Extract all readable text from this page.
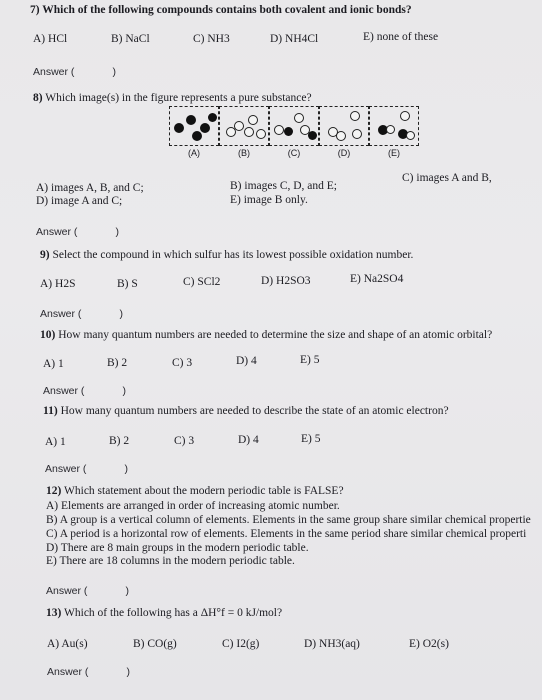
7) Which of the following compounds contains both covalent and ionic bonds?
A) HCl	B) NaCl	C) NH3	D) NH4Cl	E) none of these
Answer (	)
8) Which image(s) in the figure represents a pure substance?
(A)	(B)	(C)	(D)	(E)
A) images A, B, and C;	B) images C, D, and E;
C) images A and B,
D) image A and C;	E) image B only.
Answer (	)
9) Select the compound in which sulfur has its lowest possible oxidation number.
A) H2S	B) S	C) SCl2	D) H2SO3	E) Na2SO4
Answer (	)
10) How many quantum numbers are needed to determine the size and shape of an atomic orbital?
A) 1	B) 2	C) 3	D) 4	E) 5
Answer (	)
11) How many quantum numbers are needed to describe the state of an atomic electron?
A) 1	B) 2	C) 3	D) 4	E) 5
Answer (	)
12) Which statement about the modern periodic table is FALSE?
A) Elements are arranged in order of increasing atomic number.
B) A group is a vertical column of elements. Elements in the same group share similar chemical propertie
C) A period is a horizontal row of elements. Elements in the same period share similar chemical properti
D) There are 8 main groups in the modern periodic table.
E) There are 18 columns in the modern periodic table.
Answer (	)
13) Which of the following has a ΔH°f = 0 kJ/mol?
A) Au(s)	B) CO(g)	C) I2(g)	D) NH3(aq)	E) O2(s)
Answer (	)
